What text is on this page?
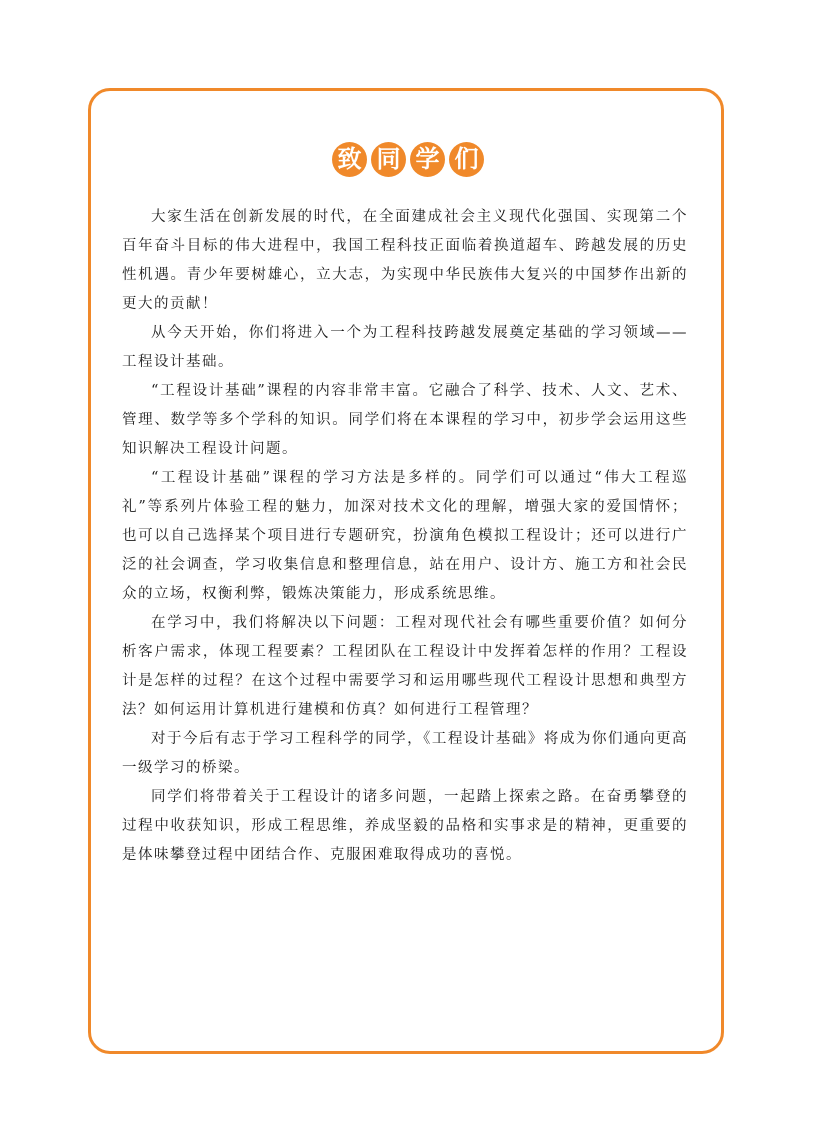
致 同 学 们

大家生活在创新发展的时代，在全面建成社会主义现代化强国、实现第二个百年奋斗目标的伟大进程中，我国工程科技正面临着换道超车、跨越发展的历史性机遇。青少年要树雄心，立大志，为实现中华民族伟大复兴的中国梦作出新的更大的贡献！

从今天开始，你们将进入一个为工程科技跨越发展奠定基础的学习领域——工程设计基础。

“工程设计基础”课程的内容非常丰富。它融合了科学、技术、人文、艺术、管理、数学等多个学科的知识。同学们将在本课程的学习中，初步学会运用这些知识解决工程设计问题。

“工程设计基础”课程的学习方法是多样的。同学们可以通过“伟大工程巡礼”等系列片体验工程的魅力，加深对技术文化的理解，增强大家的爱国情怀；也可以自己选择某个项目进行专题研究，扮演角色模拟工程设计；还可以进行广泛的社会调查，学习收集信息和整理信息，站在用户、设计方、施工方和社会民众的立场，权衡利弊，锻炼决策能力，形成系统思维。

在学习中，我们将解决以下问题：工程对现代社会有哪些重要价值？如何分析客户需求，体现工程要素？工程团队在工程设计中发挥着怎样的作用？工程设计是怎样的过程？在这个过程中需要学习和运用哪些现代工程设计思想和典型方法？如何运用计算机进行建模和仿真？如何进行工程管理？

对于今后有志于学习工程科学的同学，《工程设计基础》将成为你们通向更高一级学习的桥梁。

同学们将带着关于工程设计的诸多问题，一起踏上探索之路。在奋勇攀登的过程中收获知识，形成工程思维，养成坚毅的品格和实事求是的精神，更重要的是体味攀登过程中团结合作、克服困难取得成功的喜悦。
